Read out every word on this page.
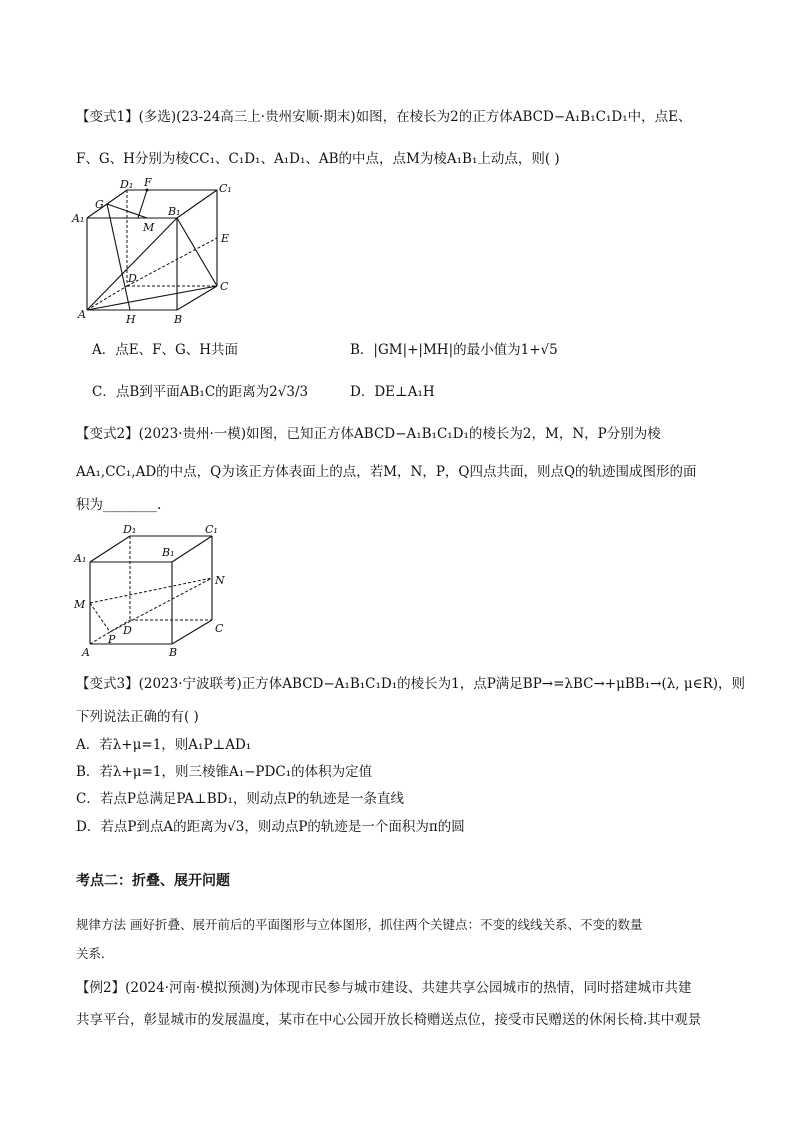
【变式1】(多选)(23-24高三上·贵州安顺·期末)如图，在棱长为2的正方体ABCD−A₁B₁C₁D₁中，点E、
F、G、H分别为棱CC₁、C₁D₁、A₁D₁、AB的中点，点M为棱A₁B₁上动点，则( )
D₁ F	C₁
G
B₁
A₁
M
E
D
C
A	H	B
A．点E、F、G、H共面	B．|GM|+|MH|的最小值为1+√5
C．点B到平面AB₁C的距离为2√3/3	D．DE⊥A₁H
【变式2】(2023·贵州·一模)如图，已知正方体ABCD−A₁B₁C₁D₁的棱长为2，M，N，P分别为棱
AA₁,CC₁,AD的中点，Q为该正方体表面上的点，若M，N，P，Q四点共面，则点Q的轨迹围成图形的面
积为________.
D₁	C₁
B₁
A₁
N
M
P
D	C
A	B
【变式3】(2023·宁波联考)正方体ABCD−A₁B₁C₁D₁的棱长为1，点P满足BP→=λBC→+μBB₁→(λ, μ∈R)，则
下列说法正确的有( )
A．若λ+μ=1，则A₁P⊥AD₁
B．若λ+μ=1，则三棱锥A₁−PDC₁的体积为定值
C．若点P总满足PA⊥BD₁，则动点P的轨迹是一条直线
D．若点P到点A的距离为√3，则动点P的轨迹是一个面积为π的圆
考点二：折叠、展开问题
规律方法 画好折叠、展开前后的平面图形与立体图形，抓住两个关键点：不变的线线关系、不变的数量
关系．
【例2】(2024·河南·模拟预测)为体现市民参与城市建设、共建共享公园城市的热情，同时搭建城市共建
共享平台，彰显城市的发展温度，某市在中心公园开放长椅赠送点位，接受市民赠送的休闲长椅.其中观景
